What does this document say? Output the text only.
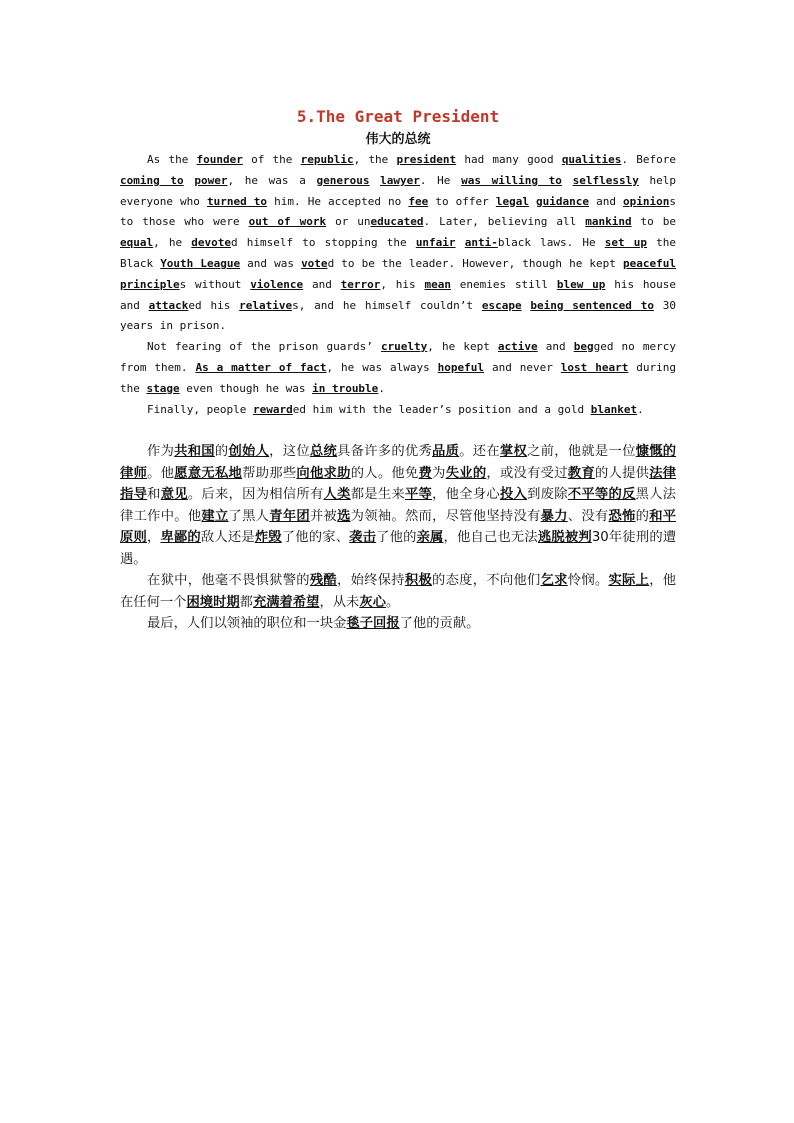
5.The Great President
伟大的总统

As the founder of the republic, the president had many good qualities. Before coming to power, he was a generous lawyer. He was willing to selflessly help everyone who turned to him. He accepted no fee to offer legal guidance and opinions to those who were out of work or uneducated. Later, believing all mankind to be equal, he devoted himself to stopping the unfair anti-black laws. He set up the Black Youth League and was voted to be the leader. However, though he kept peaceful principles without violence and terror, his mean enemies still blew up his house and attacked his relatives, and he himself couldn’t escape being sentenced to 30 years in prison.

Not fearing of the prison guards’ cruelty, he kept active and begged no mercy from them. As a matter of fact, he was always hopeful and never lost heart during the stage even though he was in trouble.

Finally, people rewarded him with the leader’s position and a gold blanket.

作为共和国的创始人，这位总统具备许多的优秀品质。还在掌权之前，他就是一位慷慨的律师。他愿意无私地帮助那些向他求助的人。他免费为失业的，或没有受过教育的人提供法律指导和意见。后来，因为相信所有人类都是生来平等，他全身心投入到废除不平等的反黑人法律工作中。他建立了黑人青年团并被选为领袖。然而，尽管他坚持没有暴力、没有恐怖的和平原则，卑鄙的敌人还是炸毁了他的家、袭击了他的亲属，他自己也无法逃脱被判30年徒刑的遭遇。

在狱中，他毫不畏惧狱警的残酷，始终保持积极的态度，不向他们乞求怜悯。实际上，他在任何一个困境时期都充满着希望，从未灰心。

最后，人们以领袖的职位和一块金毯子回报了他的贡献。
